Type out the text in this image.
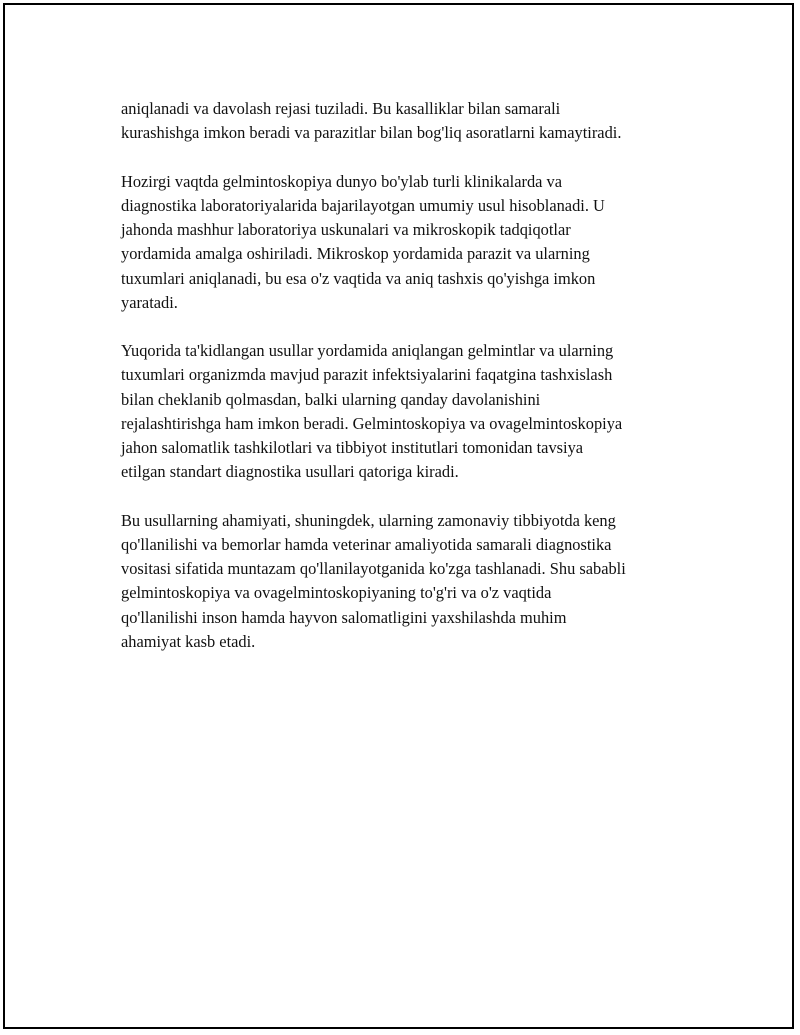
aniqlanadi va davolash rejasi tuziladi. Bu kasalliklar bilan samarali
kurashishga imkon beradi va parazitlar bilan bog'liq asoratlarni kamaytiradi.

Hozirgi vaqtda gelmintoskopiya dunyo bo'ylab turli klinikalarda va
diagnostika laboratoriyalarida bajarilayotgan umumiy usul hisoblanadi. U
jahonda mashhur laboratoriya uskunalari va mikroskopik tadqiqotlar
yordamida amalga oshiriladi. Mikroskop yordamida parazit va ularning
tuxumlari aniqlanadi, bu esa o'z vaqtida va aniq tashxis qo'yishga imkon
yaratadi.

Yuqorida ta'kidlangan usullar yordamida aniqlangan gelmintlar va ularning
tuxumlari organizmda mavjud parazit infektsiyalarini faqatgina tashxislash
bilan cheklanib qolmasdan, balki ularning qanday davolanishini
rejalashtirishga ham imkon beradi. Gelmintoskopiya va ovagelmintoskopiya
jahon salomatlik tashkilotlari va tibbiyot institutlari tomonidan tavsiya
etilgan standart diagnostika usullari qatoriga kiradi.

Bu usullarning ahamiyati, shuningdek, ularning zamonaviy tibbiyotda keng
qo'llanilishi va bemorlar hamda veterinar amaliyotida samarali diagnostika
vositasi sifatida muntazam qo'llanilayotganida ko'zga tashlanadi. Shu sababli
gelmintoskopiya va ovagelmintoskopiyaning to'g'ri va o'z vaqtida
qo'llanilishi inson hamda hayvon salomatligini yaxshilashda muhim
ahamiyat kasb etadi.
